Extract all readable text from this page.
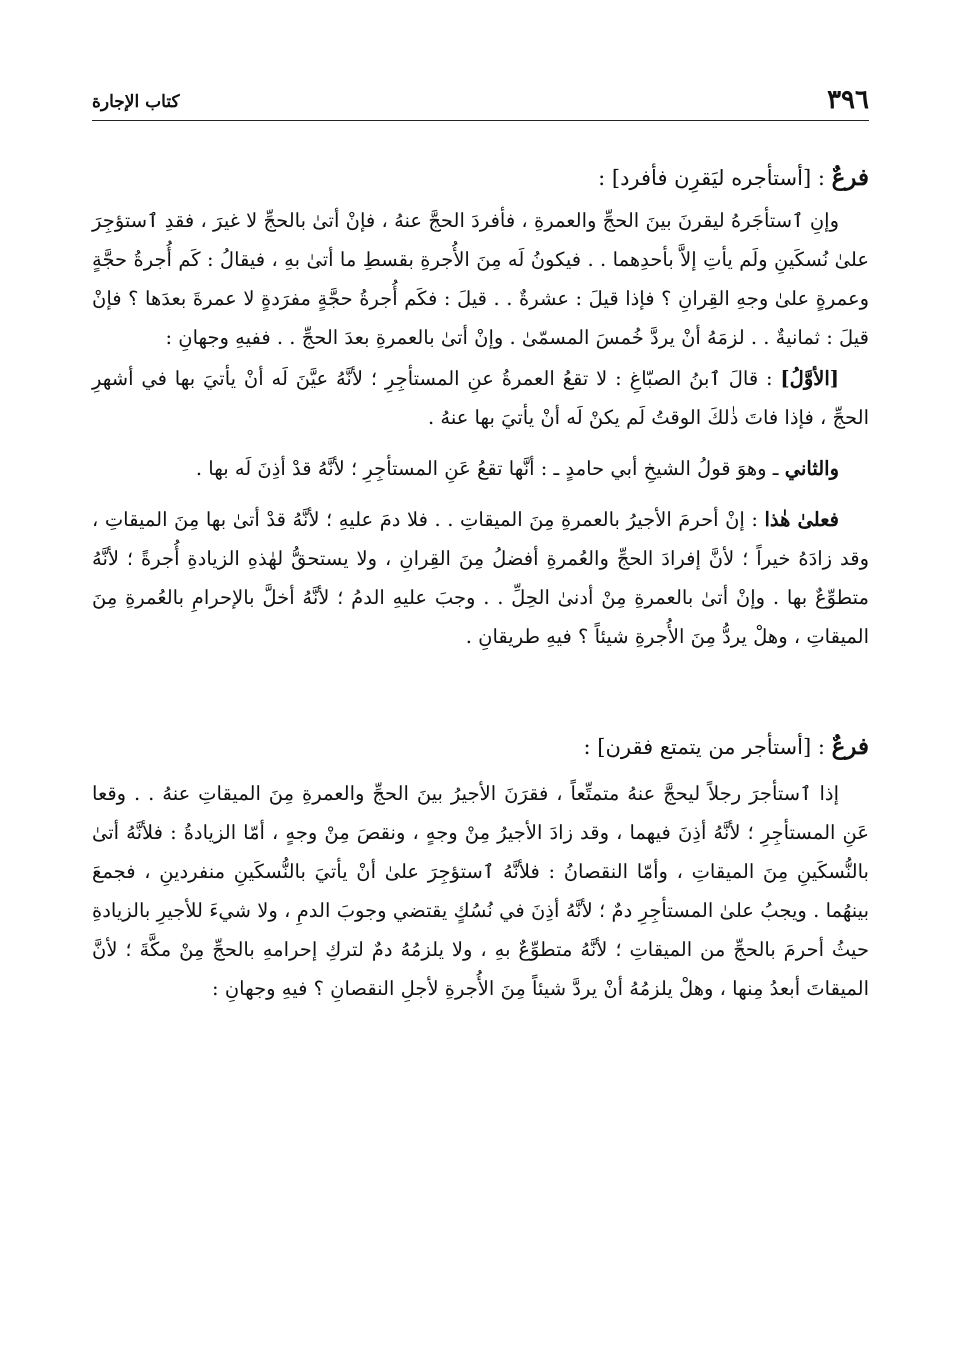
٣٩٦
كتاب الإجارة

فرعٌ : [أستأجره ليَقرِن فأفرد] :

وإنِ ٱستأجَرهُ ليقرنَ بينَ الحجِّ والعمرةِ ، فأفردَ الحجَّ عنهُ ، فإنْ أتىٰ بالحجِّ لا غيرَ ، فقدِ ٱستؤجِرَ علىٰ نُسكَينِ ولَم يأتِ إلاَّ بأحدِهما . . فيكونُ لَه مِنَ الأُجرةِ بقسطِ ما أتىٰ بهِ ، فيقالُ : كَم أُجرةُ حجَّةٍ وعمرةٍ علىٰ وجهِ القِرانِ ؟ فإذا قيلَ : عشرةٌ . . قيلَ : فكَم أُجرةُ حجَّةٍ مفرَدةٍ لا عمرةَ بعدَها ؟ فإنْ قيلَ : ثمانيةٌ . . لزمَهُ أنْ يردَّ خُمسَ المسمّىٰ . وإنْ أتىٰ بالعمرةِ بعدَ الحجِّ . . ففيهِ وجهانِ :

[الأوَّلُ] : قالَ ٱبنُ الصبّاغِ : لا تقعُ العمرةُ عنِ المستأجِرِ ؛ لأنَّهُ عيَّنَ لَه أنْ يأتيَ بها في أشهرِ الحجِّ ، فإذا فاتَ ذٰلكَ الوقتُ لَم يكنْ لَه أنْ يأتيَ بها عنهُ .

والثاني ـ وهوَ قولُ الشيخِ أبي حامدٍ ـ : أنَّها تقعُ عَنِ المستأجِرِ ؛ لأنَّهُ قدْ أذِنَ لَه بها .

فعلىٰ هٰذا : إنْ أحرمَ الأجيرُ بالعمرةِ مِنَ الميقاتِ . . فلا دمَ عليهِ ؛ لأنَّهُ قدْ أتىٰ بها مِنَ الميقاتِ ، وقد زادَهُ خيراً ؛ لأنَّ إفرادَ الحجِّ والعُمرةِ أفضلُ مِنَ القِرانِ ، ولا يستحقُّ لهٰذهِ الزيادةِ أُجرةً ؛ لأنَّهُ متطوِّعٌ بها . وإنْ أتىٰ بالعمرةِ مِنْ أدنىٰ الحِلِّ . . وجبَ عليهِ الدمُ ؛ لأنَّهُ أخلَّ بالإحرامِ بالعُمرةِ مِنَ الميقاتِ ، وهلْ يردُّ مِنَ الأُجرةِ شيئاً ؟ فيهِ طريقانِ .

فرعٌ : [أستأجر من يتمتع فقرن] :

إذا ٱستأجرَ رجلاً ليحجَّ عنهُ متمتِّعاً ، فقرَنَ الأجيرُ بينَ الحجِّ والعمرةِ مِنَ الميقاتِ عنهُ . . وقعا عَنِ المستأجِرِ ؛ لأنَّهُ أذِنَ فيهما ، وقد زادَ الأجيرُ مِنْ وجهٍ ، ونقصَ مِنْ وجهٍ ، أمّا الزيادةُ : فلأنَّهُ أتىٰ بالنُّسكَينِ مِنَ الميقاتِ ، وأمّا النقصانُ : فلأنَّهُ ٱستؤجِرَ علىٰ أنْ يأتيَ بالنُّسكَينِ منفردينِ ، فجمعَ بينهُما . ويجبُ علىٰ المستأجِرِ دمٌ ؛ لأنَّهُ أذِنَ في نُسُكٍ يقتضي وجوبَ الدمِ ، ولا شيءَ للأجيرِ بالزيادةِ حيثُ أحرمَ بالحجِّ من الميقاتِ ؛ لأنَّهُ متطوِّعٌ بهِ ، ولا يلزمُهُ دمٌ لتركِ إحرامهِ بالحجِّ مِنْ مكَّةَ ؛ لأنَّ الميقاتَ أبعدُ مِنها ، وهلْ يلزمُهُ أنْ يردَّ شيئاً مِنَ الأُجرةِ لأجلِ النقصانِ ؟ فيهِ وجهانِ :
